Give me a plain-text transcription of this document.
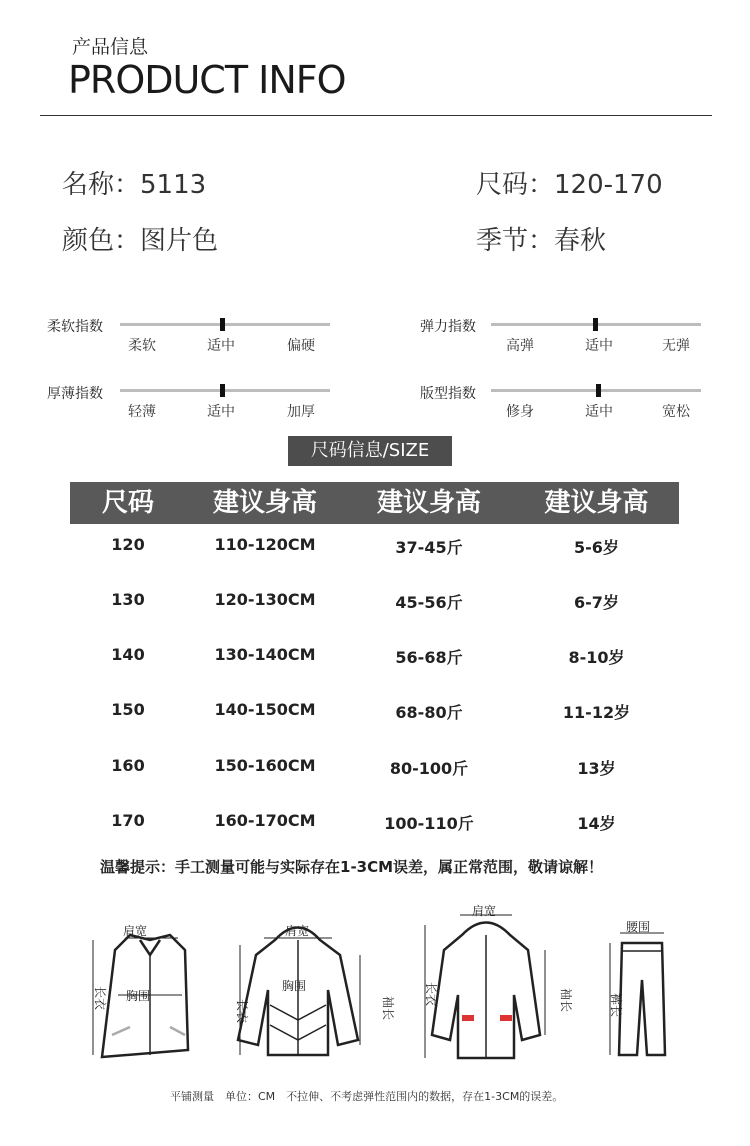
产品信息
PRODUCT INFO
名称：5113	尺码：120-170
颜色：图片色	季节：春秋
柔软指数
柔软	适中	偏硬
弹力指数
高弹	适中	无弹
厚薄指数
轻薄	适中	加厚
版型指数
修身	适中	宽松
尺码信息/SIZE
尺码	建议身高	建议身高	建议身高
120	110-120CM	37-45斤	5-6岁
130	120-130CM	45-56斤	6-7岁
140	130-140CM	56-68斤	8-10岁
150	140-150CM	68-80斤	11-12岁
160	150-160CM	80-100斤	13岁
170	160-170CM	100-110斤	14岁
温馨提示：手工测量可能与实际存在1-3CM误差，属正常范围，敬请谅解！
肩宽
长衣 胸围
肩宽
长衣
胸围
袖长
肩宽
长衣	袖长
腰围
裤长
平铺测量　单位：CM　不拉伸、不考虑弹性范围内的数据，存在1-3CM的误差。
